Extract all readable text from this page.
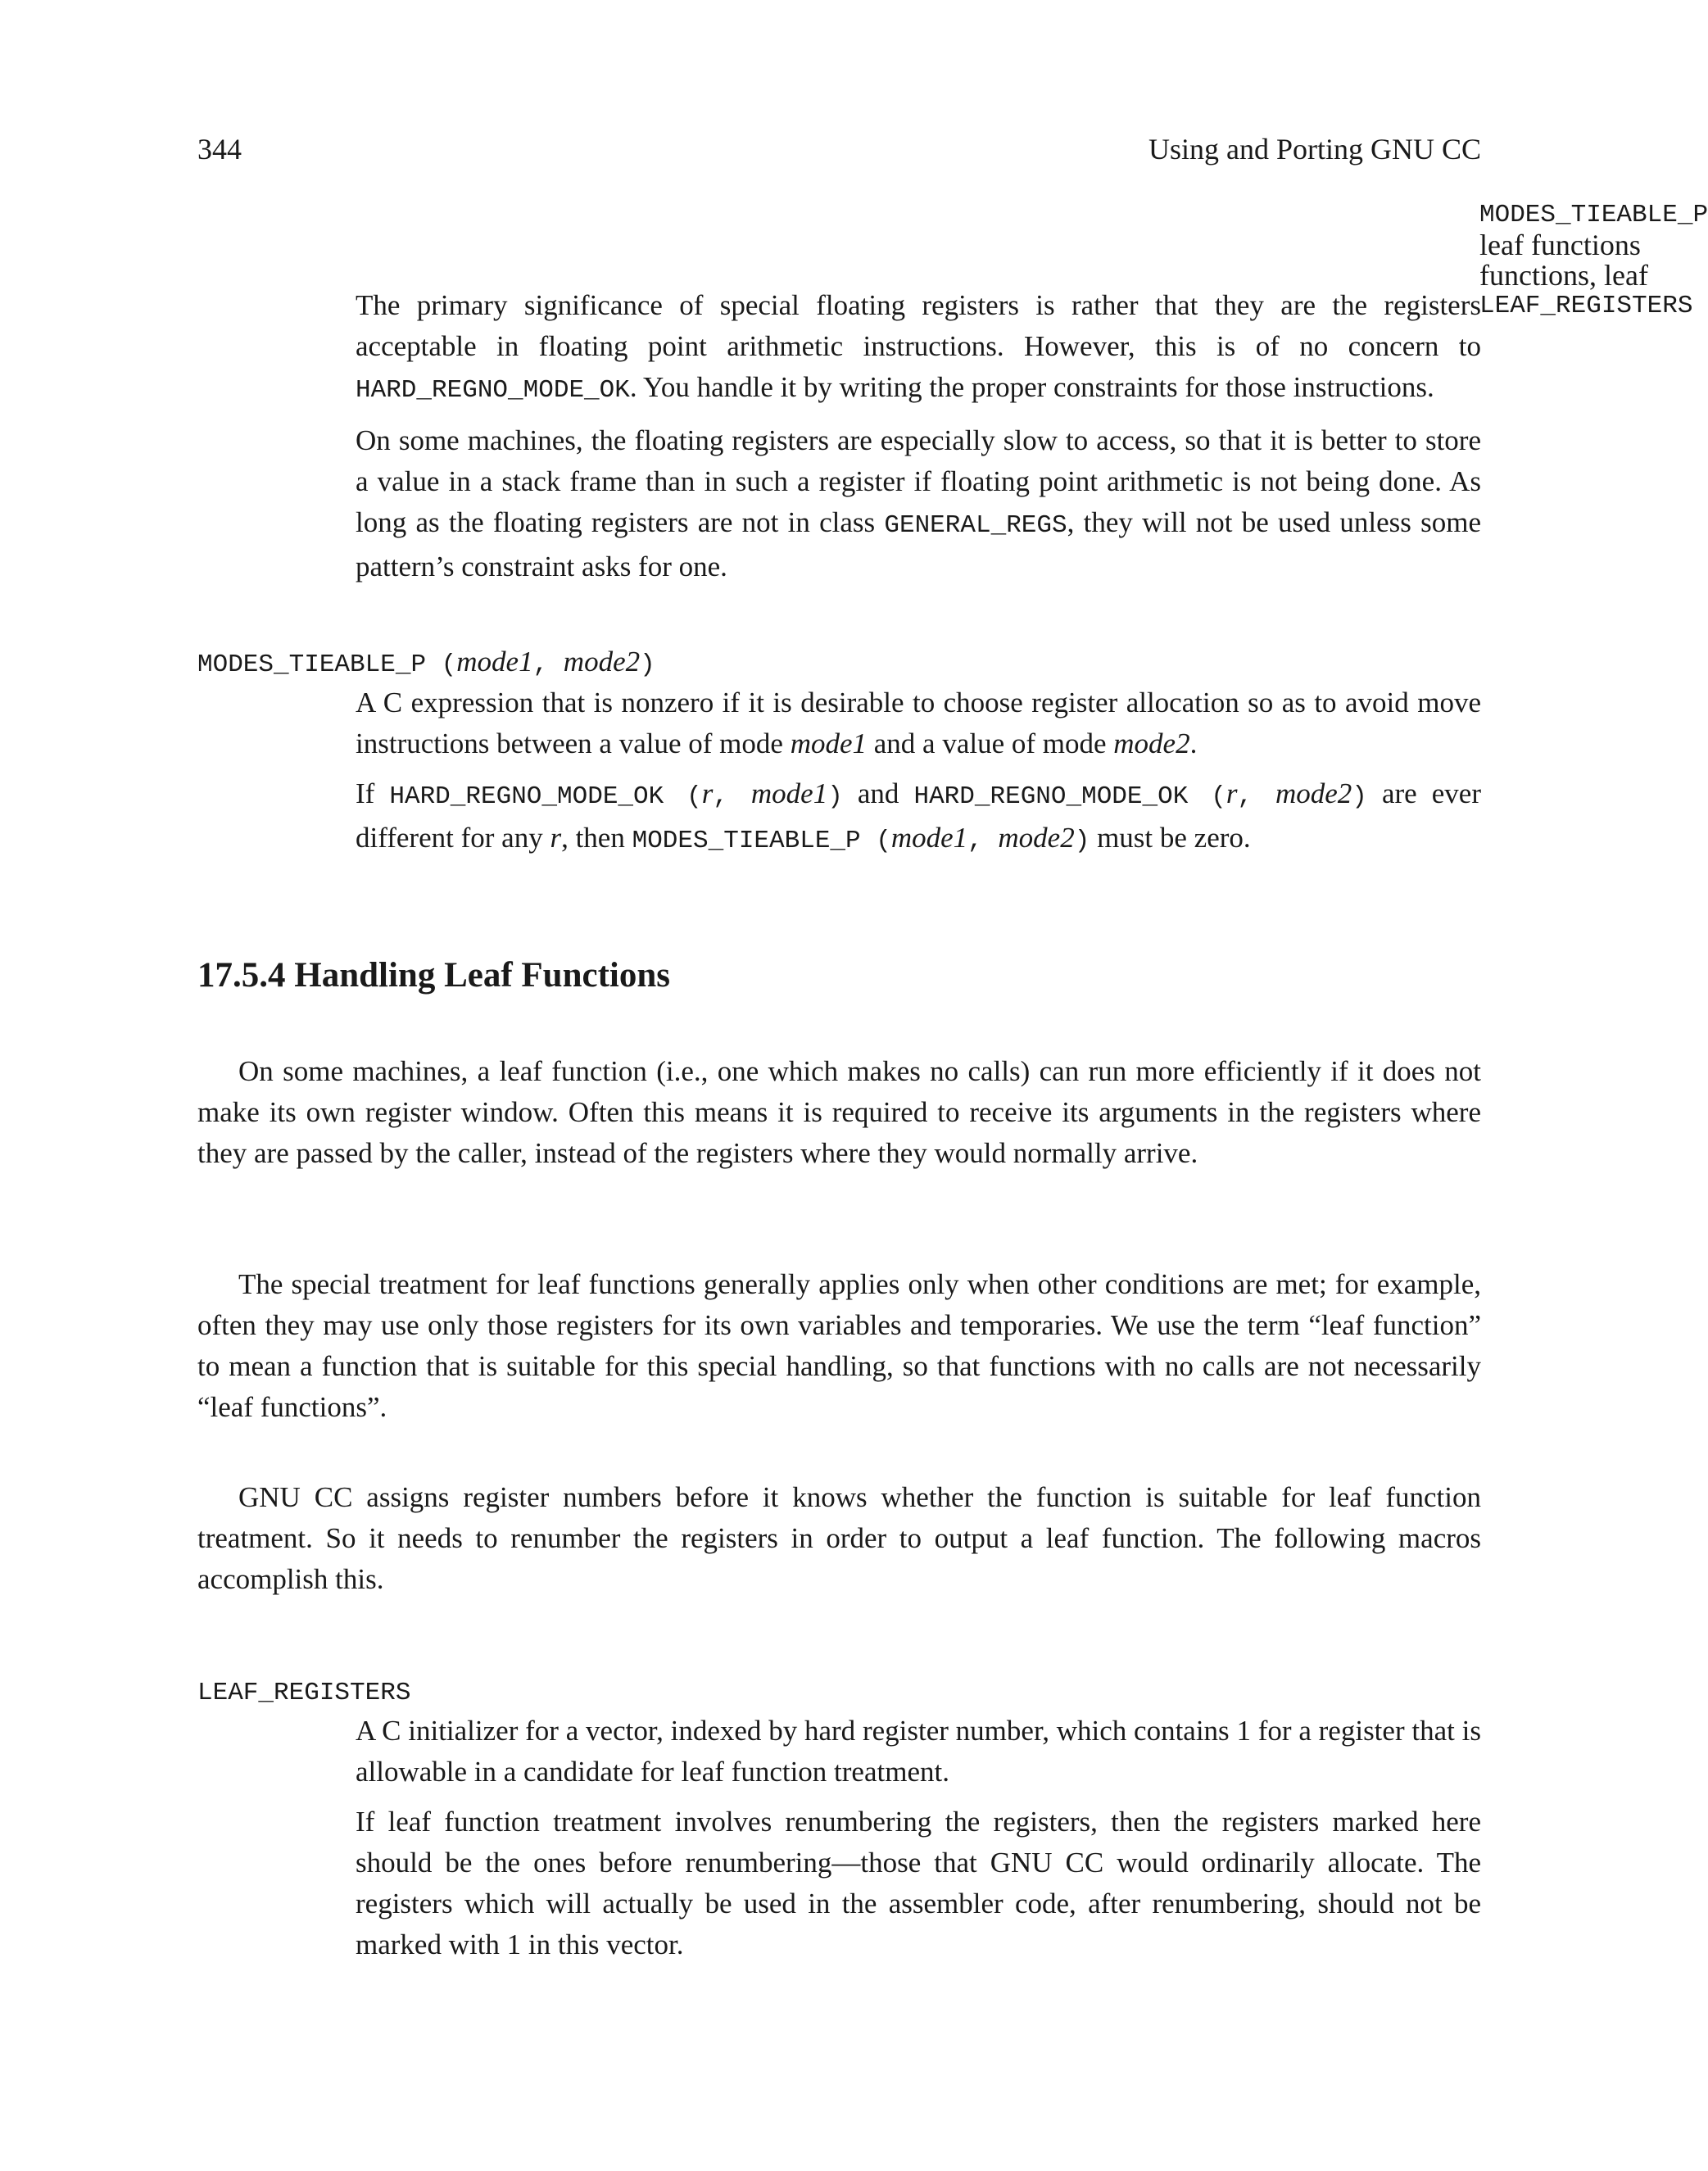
344	Using and Porting GNU CC
MODES_TIEABLE_P
leaf functions
functions, leaf
LEAF_REGISTERS

The primary significance of special floating registers is rather that they are the registers acceptable in floating point arithmetic instructions. However, this is of no concern to HARD_REGNO_MODE_OK. You handle it by writing the proper constraints for those instructions.

On some machines, the floating registers are especially slow to access, so that it is better to store a value in a stack frame than in such a register if floating point arithmetic is not being done. As long as the floating registers are not in class GENERAL_REGS, they will not be used unless some pattern’s constraint asks for one.

MODES_TIEABLE_P (mode1, mode2)

A C expression that is nonzero if it is desirable to choose register allocation so as to avoid move instructions between a value of mode mode1 and a value of mode mode2.

If HARD_REGNO_MODE_OK (r, mode1) and HARD_REGNO_MODE_OK (r, mode2) are ever different for any r, then MODES_TIEABLE_P (mode1, mode2) must be zero.

17.5.4 Handling Leaf Functions

On some machines, a leaf function (i.e., one which makes no calls) can run more efficiently if it does not make its own register window. Often this means it is required to receive its arguments in the registers where they are passed by the caller, instead of the registers where they would normally arrive.

The special treatment for leaf functions generally applies only when other conditions are met; for example, often they may use only those registers for its own variables and temporaries. We use the term “leaf function” to mean a function that is suitable for this special handling, so that functions with no calls are not necessarily “leaf functions”.

GNU CC assigns register numbers before it knows whether the function is suitable for leaf function treatment. So it needs to renumber the registers in order to output a leaf function. The following macros accomplish this.

LEAF_REGISTERS

A C initializer for a vector, indexed by hard register number, which contains 1 for a register that is allowable in a candidate for leaf function treatment.

If leaf function treatment involves renumbering the registers, then the registers marked here should be the ones before renumbering—those that GNU CC would ordinarily allocate. The registers which will actually be used in the assembler code, after renumbering, should not be marked with 1 in this vector.
